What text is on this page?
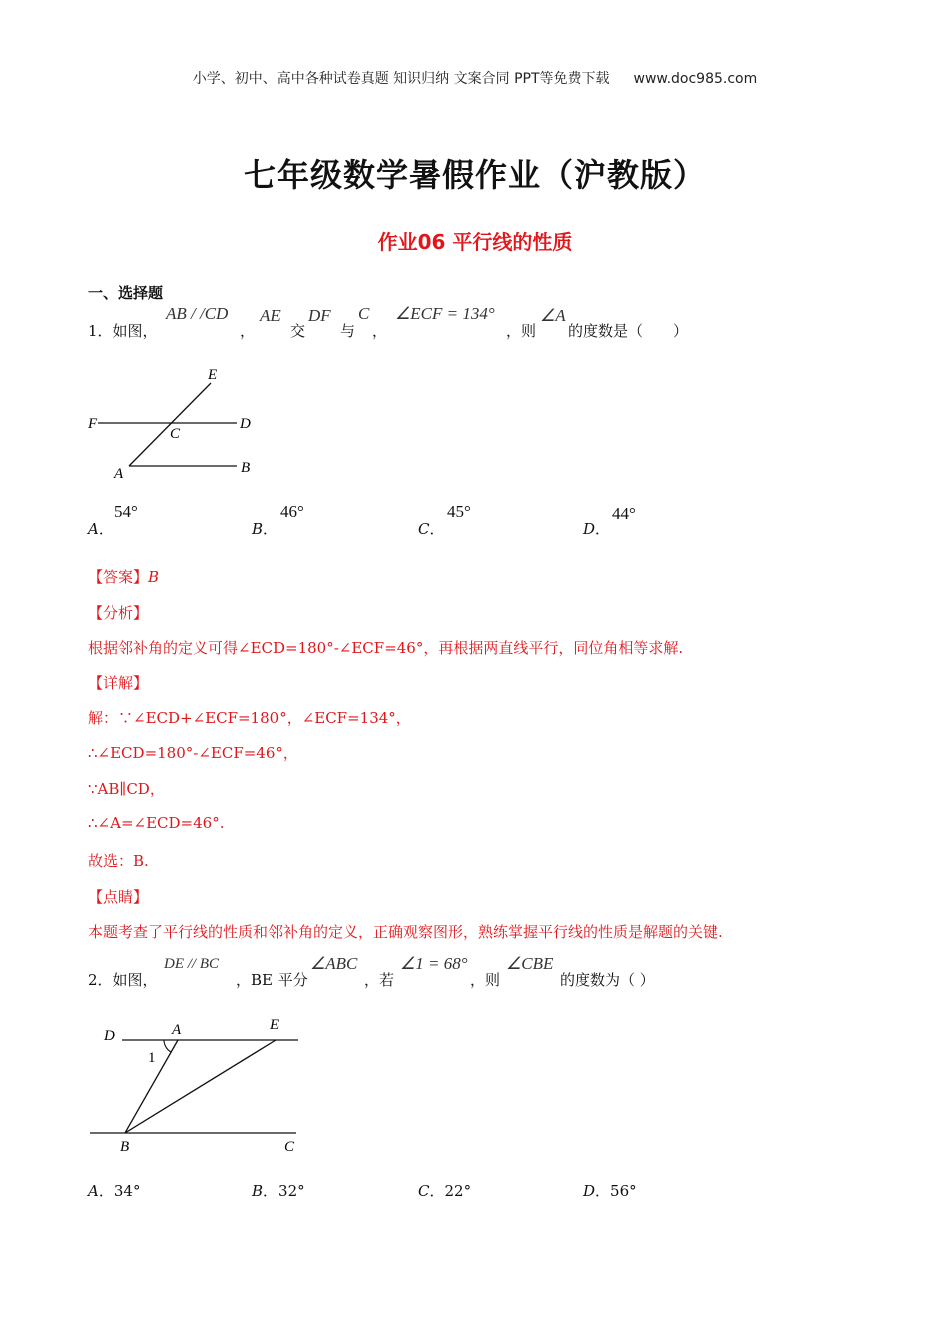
小学、初中、高中各种试卷真题 知识归纳 文案合同 PPT等免费下载 www.doc985.com
七年级数学暑假作业（沪教版）
作业06 平行线的性质
一、选择题
1．如图，
AB / /CD
，
AE
交
DF
与
C
，
∠ECF = 134°
，则
∠A
的度数是（　　）
E
F
C
D
A	B
A．
54°
B．
46°
C．
45°
D．
44°
【答案】B
【分析】
根据邻补角的定义可得∠ECD=180°-∠ECF=46°，再根据两直线平行，同位角相等求解.
【详解】
解：∵∠ECD+∠ECF=180°，∠ECF=134°，
∴∠ECD=180°-∠ECF=46°，
∵AB∥CD，
∴∠A=∠ECD=46°.
故选：B.
【点睛】
本题考查了平行线的性质和邻补角的定义，正确观察图形，熟练掌握平行线的性质是解题的关键.
2．如图，
DE // BC
，BE 平分
∠ABC
，若
∠1 = 68°
，则
∠CBE
的度数为（ ）
D	A	E
1
B	C
A．34°	B．32°	C．22°	D．56°
